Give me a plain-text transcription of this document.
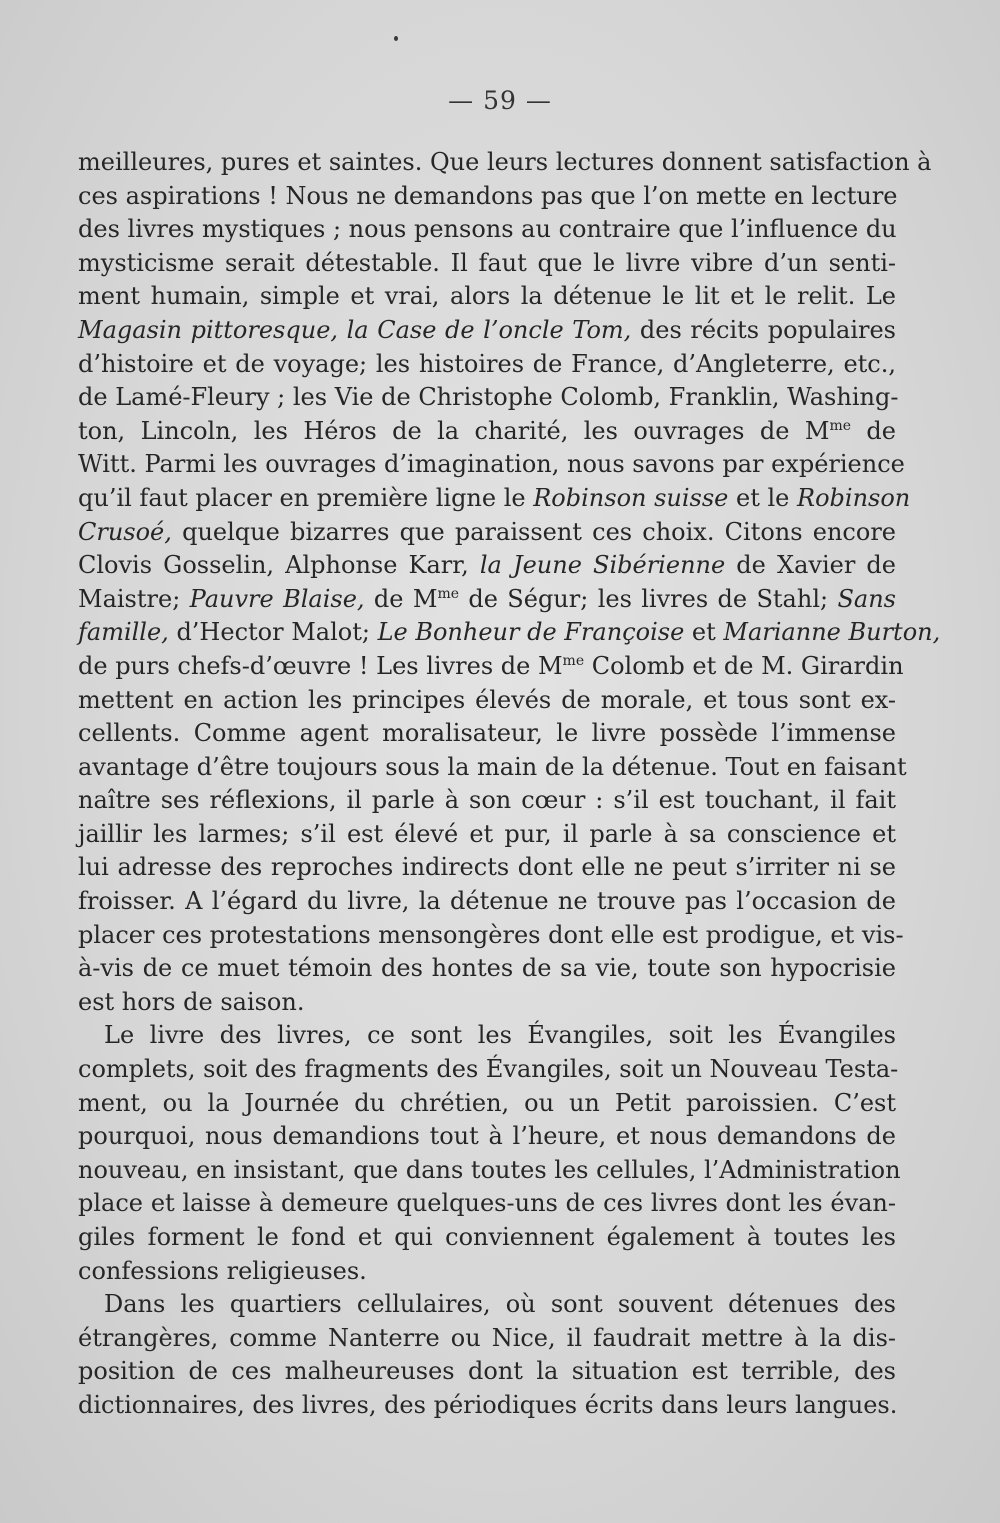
— 59 —
meilleures, pures et saintes. Que leurs lectures donnent satisfaction à
ces aspirations ! Nous ne demandons pas que l’on mette en lecture
des livres mystiques ; nous pensons au contraire que l’influence du
mysticisme serait détestable. Il faut que le livre vibre d’un senti-
ment humain, simple et vrai, alors la détenue le lit et le relit. Le
Magasin pittoresque, la Case de l’oncle Tom, des récits populaires
d’histoire et de voyage; les histoires de France, d’Angleterre, etc.,
de Lamé-Fleury ; les Vie de Christophe Colomb, Franklin, Washing-
ton, Lincoln, les Héros de la charité, les ouvrages de $M^{me}$ de
Witt. Parmi les ouvrages d’imagination, nous savons par expérience
qu’il faut placer en première ligne le Robinson suisse et le Robinson
Crusoé, quelque bizarres que paraissent ces choix. Citons encore
Clovis Gosselin, Alphonse Karr, la Jeune Sibérienne de Xavier de
Maistre; Pauvre Blaise, de $M^{me}$ de Ségur; les livres de Stahl; Sans
famille, d’Hector Malot; Le Bonheur de Françoise et Marianne Burton,
de purs chefs-d’œuvre ! Les livres de $M^{me}$ Colomb et de M. Girardin
mettent en action les principes élevés de morale, et tous sont ex-
cellents. Comme agent moralisateur, le livre possède l’immense
avantage d’être toujours sous la main de la détenue. Tout en faisant
naître ses réflexions, il parle à son cœur : s’il est touchant, il fait
jaillir les larmes; s’il est élevé et pur, il parle à sa conscience et
lui adresse des reproches indirects dont elle ne peut s’irriter ni se
froisser. A l’égard du livre, la détenue ne trouve pas l’occasion de
placer ces protestations mensongères dont elle est prodigue, et vis-
à-vis de ce muet témoin des hontes de sa vie, toute son hypocrisie
est hors de saison.
Le livre des livres, ce sont les Évangiles, soit les Évangiles
complets, soit des fragments des Évangiles, soit un Nouveau Testa-
ment, ou la Journée du chrétien, ou un Petit paroissien. C’est
pourquoi, nous demandions tout à l’heure, et nous demandons de
nouveau, en insistant, que dans toutes les cellules, l’Administration
place et laisse à demeure quelques-uns de ces livres dont les évan-
giles forment le fond et qui conviennent également à toutes les
confessions religieuses.
Dans les quartiers cellulaires, où sont souvent détenues des
étrangères, comme Nanterre ou Nice, il faudrait mettre à la dis-
position de ces malheureuses dont la situation est terrible, des
dictionnaires, des livres, des périodiques écrits dans leurs langues.
